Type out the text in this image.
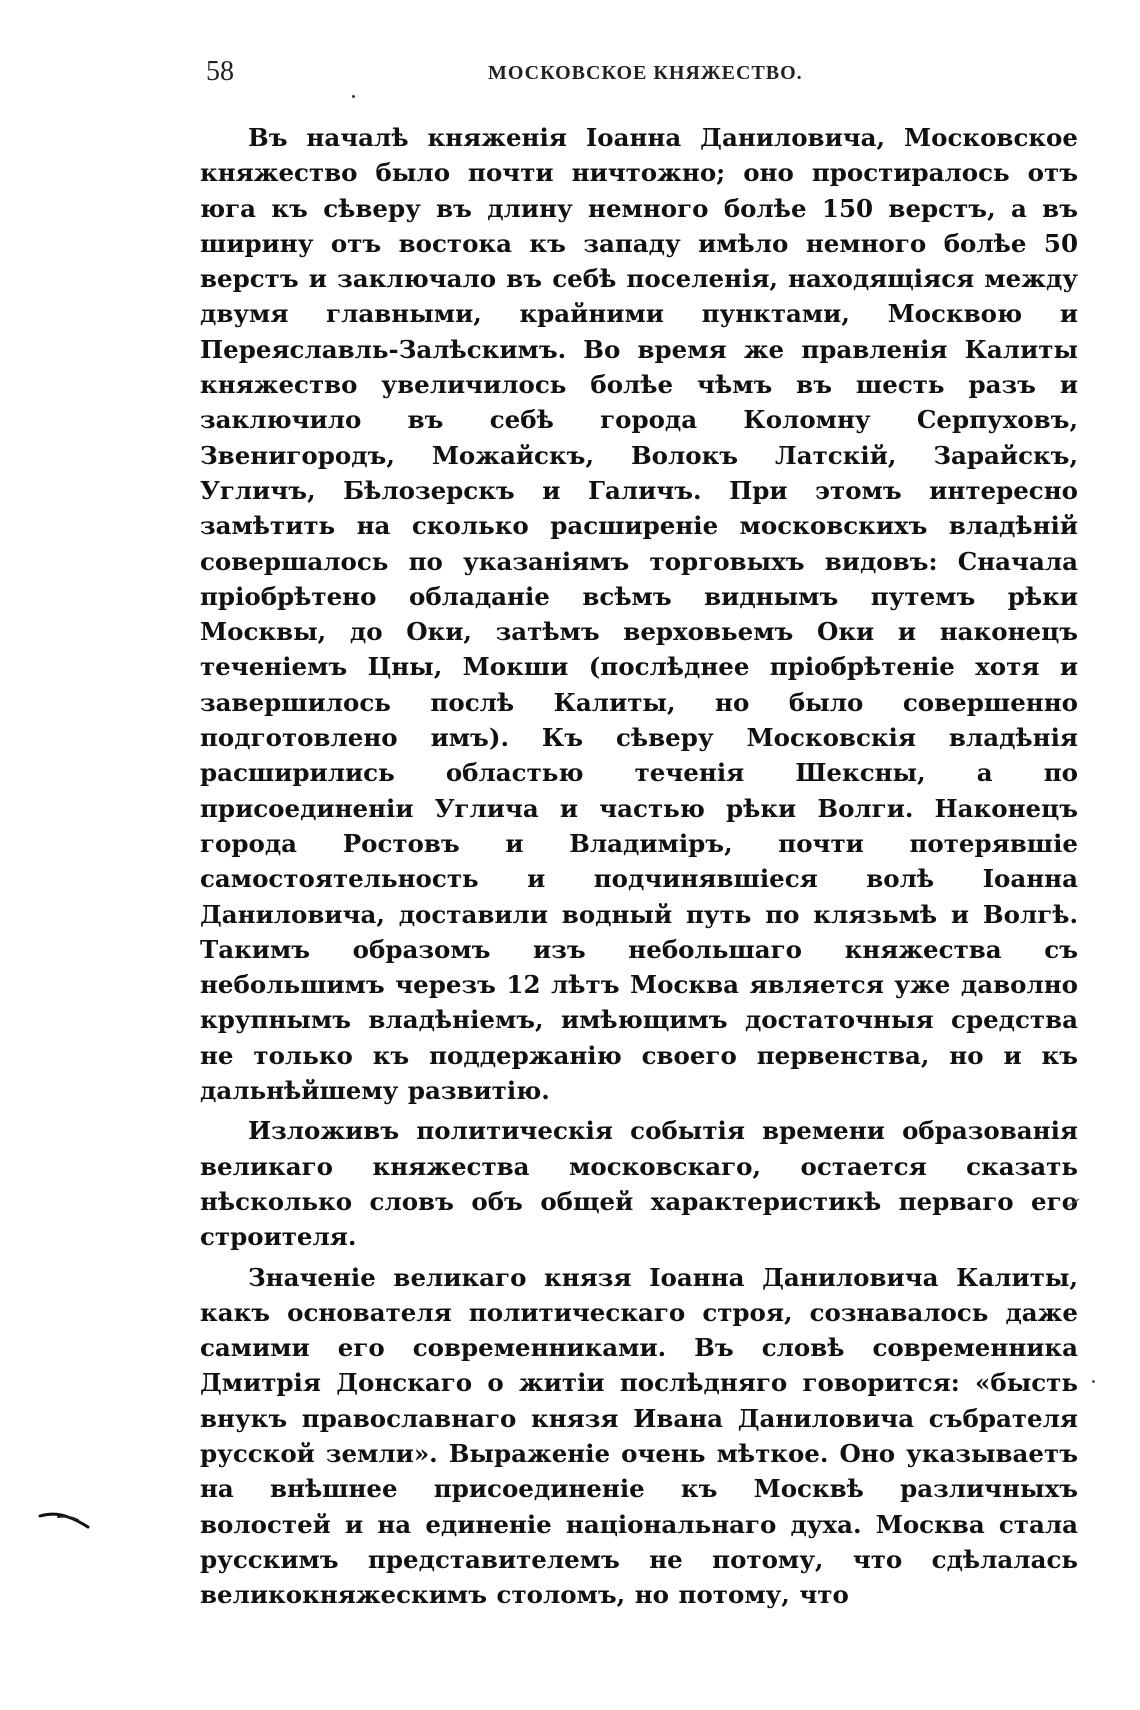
58	МОСКОВСКОЕ КНЯЖЕСТВО.

Въ началѣ княженія Іоанна Даниловича, Московское княжество было почти ничтожно; оно простиралось отъ юга къ сѣверу въ длину немного болѣе 150 верстъ, а въ ширину отъ востока къ западу имѣло немного болѣе 50 верстъ и заключало въ себѣ поселенія, находящіяся между двумя главными, крайними пунктами, Москвою и Переяславль-Залѣскимъ. Во время же правленія Калиты княжество увеличилось болѣе чѣмъ въ шесть разъ и заключило въ себѣ города Коломну Серпуховъ, Звенигородъ, Можайскъ, Волокъ Латскій, Зарайскъ, Угличъ, Бѣлозерскъ и Галичъ. При этомъ интересно замѣтить на сколько расширеніе московскихъ владѣній совершалось по указаніямъ торговыхъ видовъ: Сначала пріобрѣтено обладаніе всѣмъ виднымъ путемъ рѣки Москвы, до Оки, затѣмъ верховьемъ Оки и наконецъ теченіемъ Цны, Мокши (послѣднее пріобрѣтеніе хотя и завершилось послѣ Калиты, но было совершенно подготовлено имъ). Къ сѣверу Московскія владѣнія расширились областью теченія Шексны, а по присоединеніи Углича и частью рѣки Волги. Наконецъ города Ростовъ и Владиміръ, почти потерявшіе самостоятельность и подчинявшіеся волѣ Іоанна Даниловича, доставили водный путь по клязьмѣ и Волгѣ. Такимъ образомъ изъ небольшаго княжества съ небольшимъ черезъ 12 лѣтъ Москва является уже даволно крупнымъ владѣніемъ, имѣющимъ достаточныя средства не только къ поддержанію своего первенства, но и къ дальнѣйшему развитію.

Изложивъ политическія событія времени образованія великаго княжества московскаго, остается сказать нѣсколько словъ объ общей характеристикѣ перваго его строителя.

Значеніе великаго князя Іоанна Даниловича Калиты, какъ основателя политическаго строя, сознавалось даже самими его современниками. Въ словѣ современника Дмитрія Донскаго о житіи послѣдняго говорится: «бысть внукъ православнаго князя Ивана Даниловича събрателя русской земли». Выраженіе очень мѣткое. Оно указываетъ на внѣшнее присоединеніе къ Москвѣ различныхъ волостей и на единеніе національнаго духа. Москва стала русскимъ представителемъ не потому, что сдѣлалась великокняжескимъ столомъ, но потому, что
